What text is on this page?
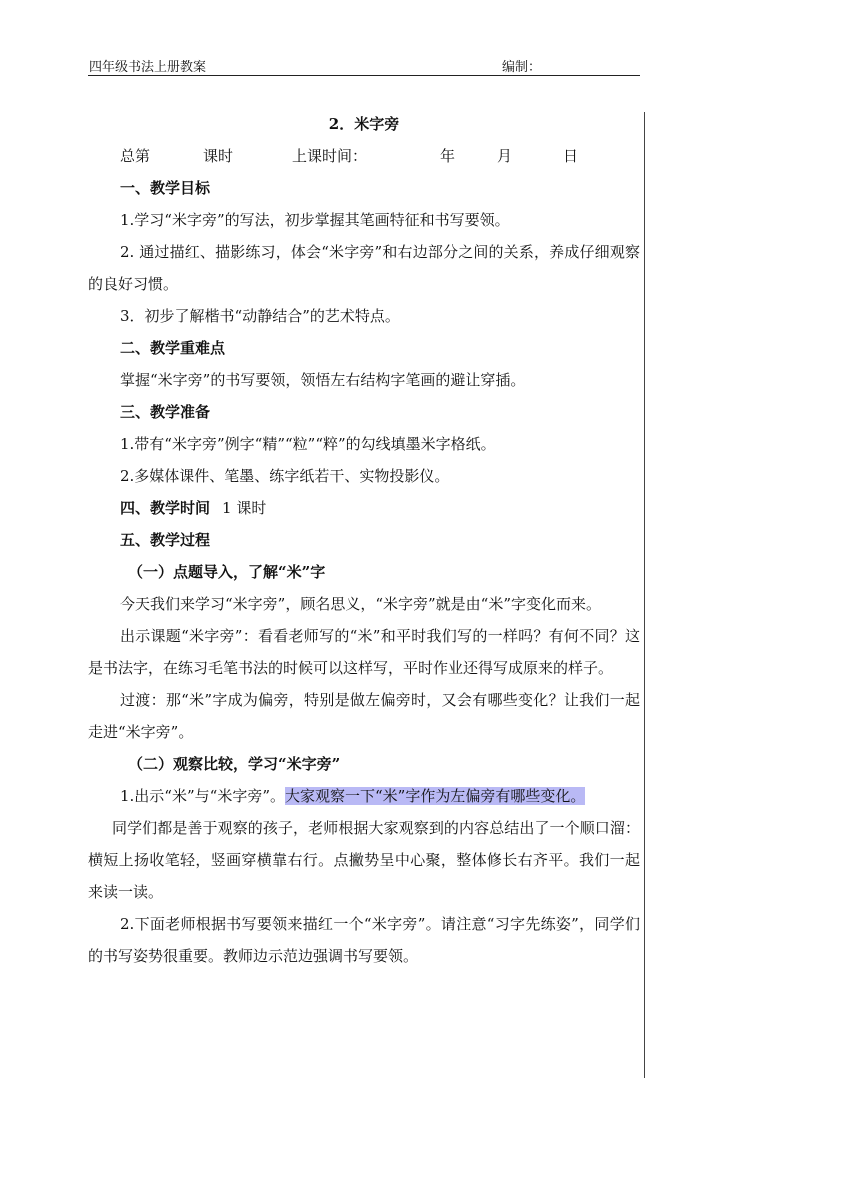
四年级书法上册教案	编制：
2．米字旁
总第	课时	上课时间：	年	月	日
一、教学目标
1.学习“米字旁”的写法，初步掌握其笔画特征和书写要领。
2. 通过描红、描影练习，体会“米字旁”和右边部分之间的关系，养成仔细观察的良好习惯。
3．初步了解楷书“动静结合”的艺术特点。
二、教学重难点
掌握“米字旁”的书写要领，领悟左右结构字笔画的避让穿插。
三、教学准备
1.带有“米字旁”例字“精”“粒”“粹”的勾线填墨米字格纸。
2.多媒体课件、笔墨、练字纸若干、实物投影仪。
四、教学时间 1 课时
五、教学过程
（一）点题导入，了解“米”字
今天我们来学习“米字旁”，顾名思义，“米字旁”就是由“米”字变化而来。
出示课题“米字旁”：看看老师写的“米”和平时我们写的一样吗？有何不同？这是书法字，在练习毛笔书法的时候可以这样写，平时作业还得写成原来的样子。
过渡：那“米”字成为偏旁，特别是做左偏旁时，又会有哪些变化？让我们一起走进“米字旁”。
（二）观察比较，学习“米字旁”
1.出示“米”与“米字旁”。大家观察一下“米”字作为左偏旁有哪些变化。
同学们都是善于观察的孩子，老师根据大家观察到的内容总结出了一个顺口溜：横短上扬收笔轻，竖画穿横靠右行。点撇势呈中心聚，整体修长右齐平。我们一起来读一读。
2.下面老师根据书写要领来描红一个“米字旁”。请注意“习字先练姿”，同学们的书写姿势很重要。教师边示范边强调书写要领。
